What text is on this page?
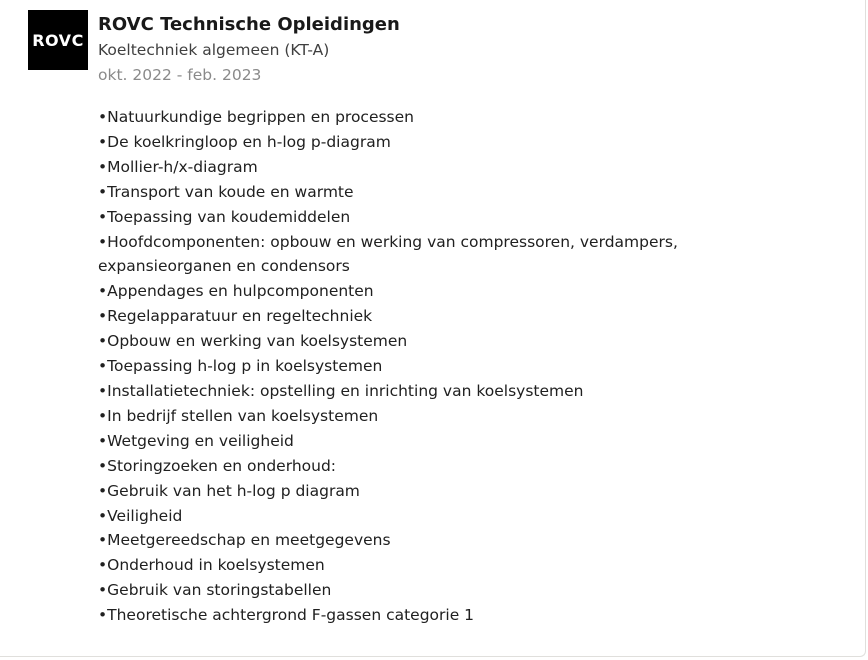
ROVC

ROVC Technische Opleidingen

Koeltechniek algemeen (KT-A)

okt. 2022 - feb. 2023

•Natuurkundige begrippen en processen
•De koelkringloop en h-log p-diagram
•Mollier-h/x-diagram
•Transport van koude en warmte
•Toepassing van koudemiddelen
•Hoofdcomponenten: opbouw en werking van compressoren, verdampers,
expansieorganen en condensors
•Appendages en hulpcomponenten
•Regelapparatuur en regeltechniek
•Opbouw en werking van koelsystemen
•Toepassing h-log p in koelsystemen
•Installatietechniek: opstelling en inrichting van koelsystemen
•In bedrijf stellen van koelsystemen
•Wetgeving en veiligheid
•Storingzoeken en onderhoud:
•Gebruik van het h-log p diagram
•Veiligheid
•Meetgereedschap en meetgegevens
•Onderhoud in koelsystemen
•Gebruik van storingstabellen
•Theoretische achtergrond F-gassen categorie 1
